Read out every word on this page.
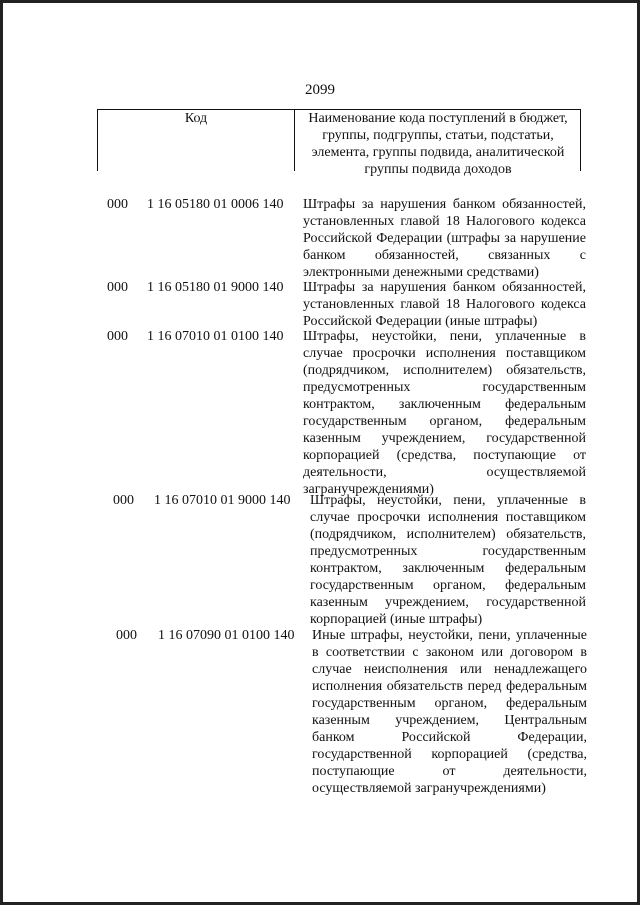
2099
Код	Наименование кода поступлений в бюджет, группы, подгруппы, статьи, подстатьи, элемента, группы подвида, аналитической группы подвида доходов
000	1 16 05180 01 0006 140	Штрафы за нарушения банком обязанностей, установленных главой 18 Налогового кодекса Российской Федерации (штрафы за нарушение банком обязанностей, связанных с электронными денежными средствами)
000	1 16 05180 01 9000 140	Штрафы за нарушения банком обязанностей, установленных главой 18 Налогового кодекса Российской Федерации (иные штрафы)
000	1 16 07010 01 0100 140	Штрафы, неустойки, пени, уплаченные в случае просрочки исполнения поставщиком (подрядчиком, исполнителем) обязательств, предусмотренных государственным контрактом, заключенным федеральным государственным органом, федеральным казенным учреждением, государственной корпорацией (средства, поступающие от деятельности, осуществляемой загранучреждениями)
000	1 16 07010 01 9000 140	Штрафы, неустойки, пени, уплаченные в случае просрочки исполнения поставщиком (подрядчиком, исполнителем) обязательств, предусмотренных государственным контрактом, заключенным федеральным государственным органом, федеральным казенным учреждением, государственной корпорацией (иные штрафы)
000	1 16 07090 01 0100 140	Иные штрафы, неустойки, пени, уплаченные в соответствии с законом или договором в случае неисполнения или ненадлежащего исполнения обязательств перед федеральным государственным органом, федеральным казенным учреждением, Центральным банком Российской Федерации, государственной корпорацией (средства, поступающие от деятельности, осуществляемой загранучреждениями)
